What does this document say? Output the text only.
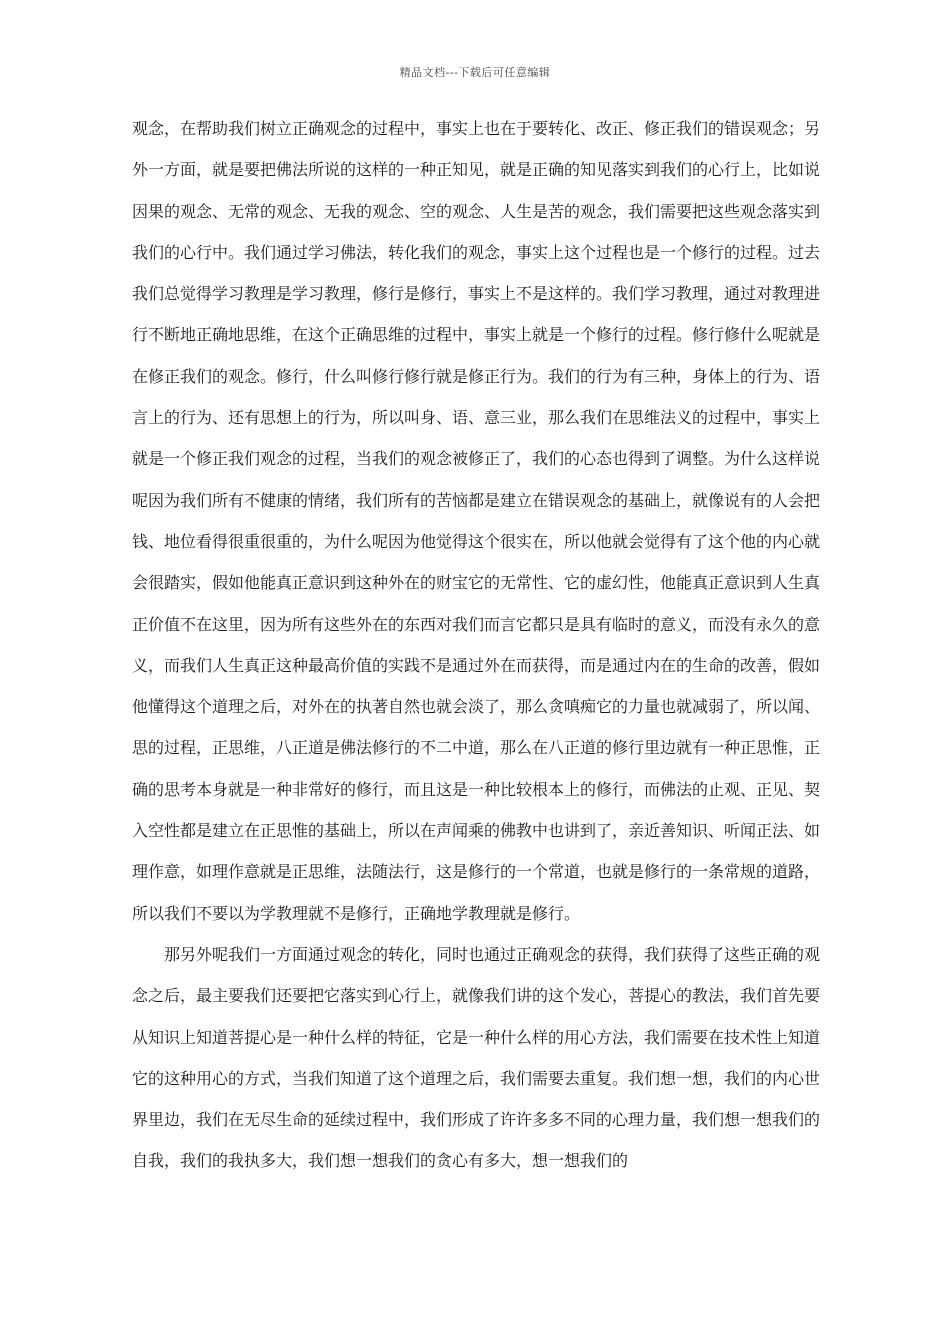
精品文档---下载后可任意编辑

观念，在帮助我们树立正确观念的过程中，事实上也在于要转化、改正、修正我们的错误观念；另外一方面，就是要把佛法所说的这样的一种正知见，就是正确的知见落实到我们的心行上，比如说因果的观念、无常的观念、无我的观念、空的观念、人生是苦的观念，我们需要把这些观念落实到我们的心行中。我们通过学习佛法，转化我们的观念，事实上这个过程也是一个修行的过程。过去我们总觉得学习教理是学习教理，修行是修行，事实上不是这样的。我们学习教理，通过对教理进行不断地正确地思维，在这个正确思维的过程中，事实上就是一个修行的过程。修行修什么呢就是在修正我们的观念。修行，什么叫修行修行就是修正行为。我们的行为有三种，身体上的行为、语言上的行为、还有思想上的行为，所以叫身、语、意三业，那么我们在思维法义的过程中，事实上就是一个修正我们观念的过程，当我们的观念被修正了，我们的心态也得到了调整。为什么这样说呢因为我们所有不健康的情绪，我们所有的苦恼都是建立在错误观念的基础上，就像说有的人会把钱、地位看得很重很重的，为什么呢因为他觉得这个很实在，所以他就会觉得有了这个他的内心就会很踏实，假如他能真正意识到这种外在的财宝它的无常性、它的虚幻性，他能真正意识到人生真正价值不在这里，因为所有这些外在的东西对我们而言它都只是具有临时的意义，而没有永久的意义，而我们人生真正这种最高价值的实践不是通过外在而获得，而是通过内在的生命的改善，假如他懂得这个道理之后，对外在的执著自然也就会淡了，那么贪嗔痴它的力量也就减弱了，所以闻、思的过程，正思维，八正道是佛法修行的不二中道，那么在八正道的修行里边就有一种正思惟，正确的思考本身就是一种非常好的修行，而且这是一种比较根本上的修行，而佛法的止观、正见、契入空性都是建立在正思惟的基础上，所以在声闻乘的佛教中也讲到了，亲近善知识、听闻正法、如理作意，如理作意就是正思维，法随法行，这是修行的一个常道，也就是修行的一条常规的道路，所以我们不要以为学教理就不是修行，正确地学教理就是修行。

那另外呢我们一方面通过观念的转化，同时也通过正确观念的获得，我们获得了这些正确的观念之后，最主要我们还要把它落实到心行上，就像我们讲的这个发心，菩提心的教法，我们首先要从知识上知道菩提心是一种什么样的特征，它是一种什么样的用心方法，我们需要在技术性上知道它的这种用心的方式，当我们知道了这个道理之后，我们需要去重复。我们想一想，我们的内心世界里边，我们在无尽生命的延续过程中，我们形成了许许多多不同的心理力量，我们想一想我们的自我，我们的我执多大，我们想一想我们的贪心有多大，想一想我们的
